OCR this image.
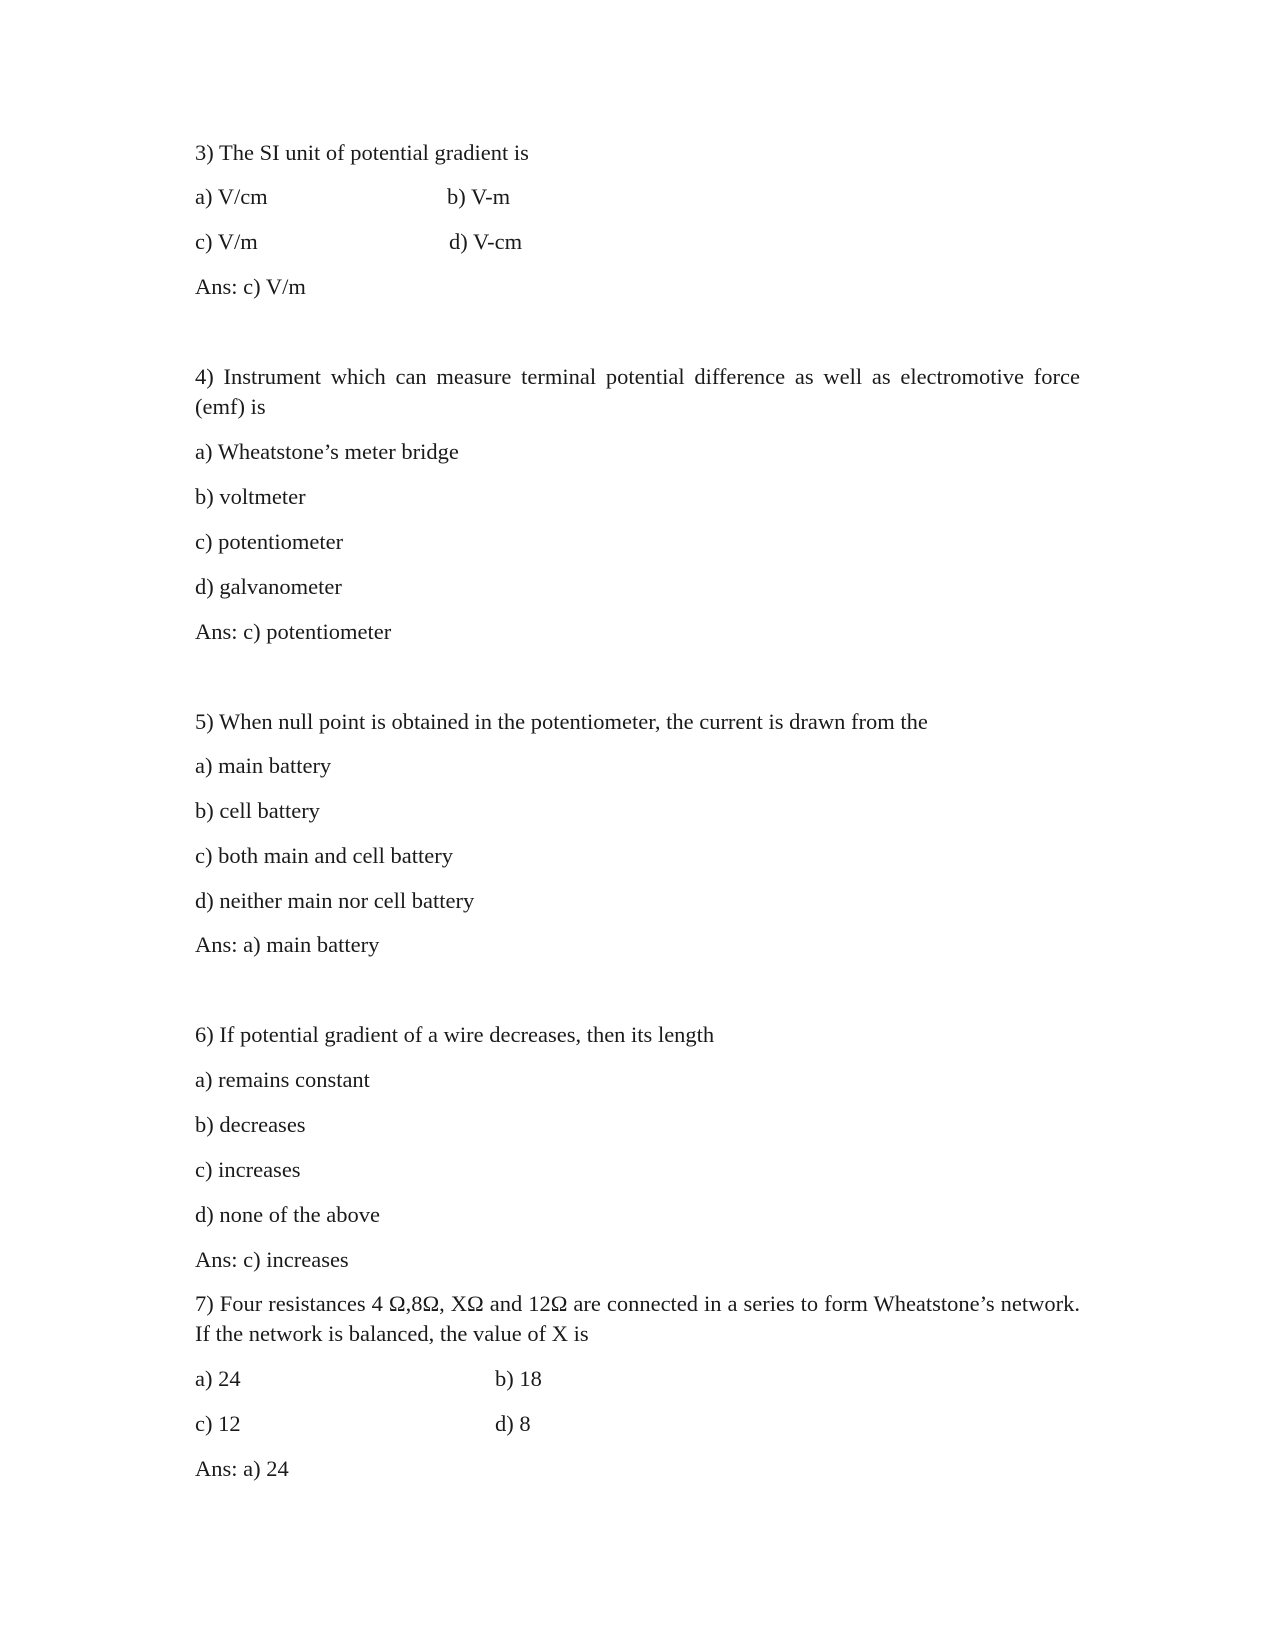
3) The SI unit of potential gradient is
a) V/cm	b) V-m
c) V/m	d) V-cm
Ans: c) V/m
4) Instrument which can measure terminal potential difference as well as electromotive force (emf) is
a) Wheatstone’s meter bridge
b) voltmeter
c) potentiometer
d) galvanometer
Ans: c) potentiometer
5) When null point is obtained in the potentiometer, the current is drawn from the
a) main battery
b) cell battery
c) both main and cell battery
d) neither main nor cell battery
Ans: a) main battery
6) If potential gradient of a wire decreases, then its length
a) remains constant
b) decreases
c) increases
d) none of the above
Ans: c) increases
7) Four resistances 4 Ω,8Ω, XΩ and 12Ω are connected in a series to form Wheatstone’s network. If the network is balanced, the value of X is
a) 24	b) 18
c) 12	d) 8
Ans: a) 24
